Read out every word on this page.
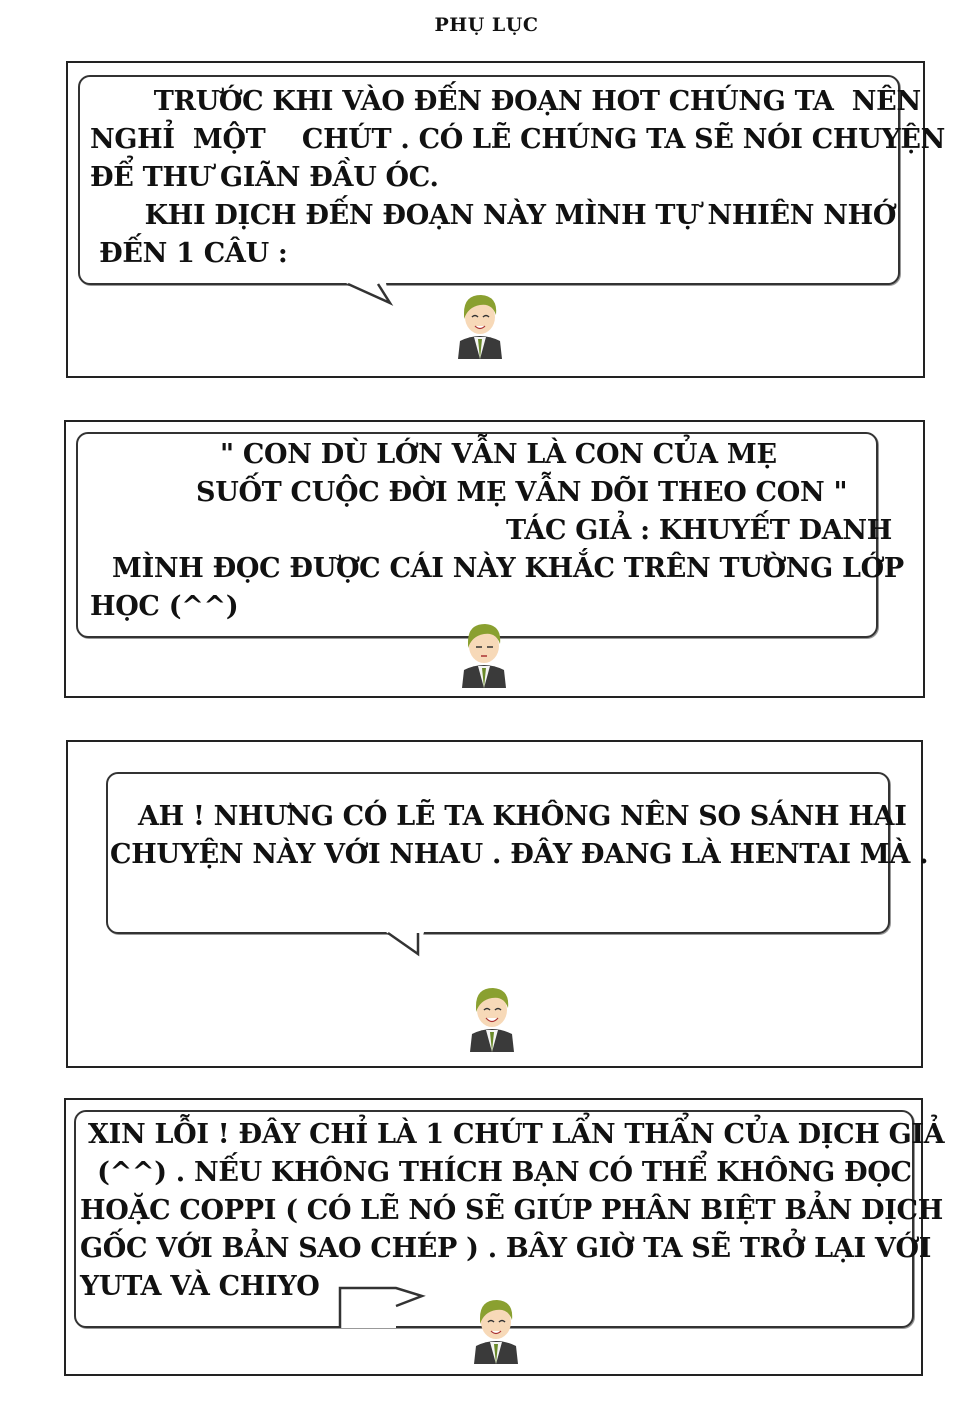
PHỤ LỤC
TRƯỚC KHI VÀO ĐẾN ĐOẠN HOT CHÚNG TA  NÊN
NGHỈ  MỘT    CHÚT . CÓ LẼ CHÚNG TA SẼ NÓI CHUYỆN
ĐỂ THƯ GIÃN ĐẦU ÓC.
KHI DỊCH ĐẾN ĐOẠN NÀY MÌNH TỰ NHIÊN NHỚ
ĐẾN 1 CÂU :
" CON DÙ LỚN VẪN LÀ CON CỦA MẸ
SUỐT CUỘC ĐỜI MẸ VẪN DÕI THEO CON "
TÁC GIẢ : KHUYẾT DANH
MÌNH ĐỌC ĐƯỢC CÁI NÀY KHẮC TRÊN TƯỜNG LỚP
HỌC (^^)
AH ! NHƯNG CÓ LẼ TA KHÔNG NÊN SO SÁNH HAI
CHUYỆN NÀY VỚI NHAU . ĐÂY ĐANG LÀ HENTAI MÀ .
XIN LỖI ! ĐÂY CHỈ LÀ 1 CHÚT LẨN THẨN CỦA DỊCH GIẢ
(^^) . NẾU KHÔNG THÍCH BẠN CÓ THỂ KHÔNG ĐỌC
HOẶC COPPI ( CÓ LẼ NÓ SẼ GIÚP PHÂN BIỆT BẢN DỊCH
GỐC VỚI BẢN SAO CHÉP ) . BÂY GIỜ TA SẼ TRỞ LẠI VỚI
YUTA VÀ CHIYO
